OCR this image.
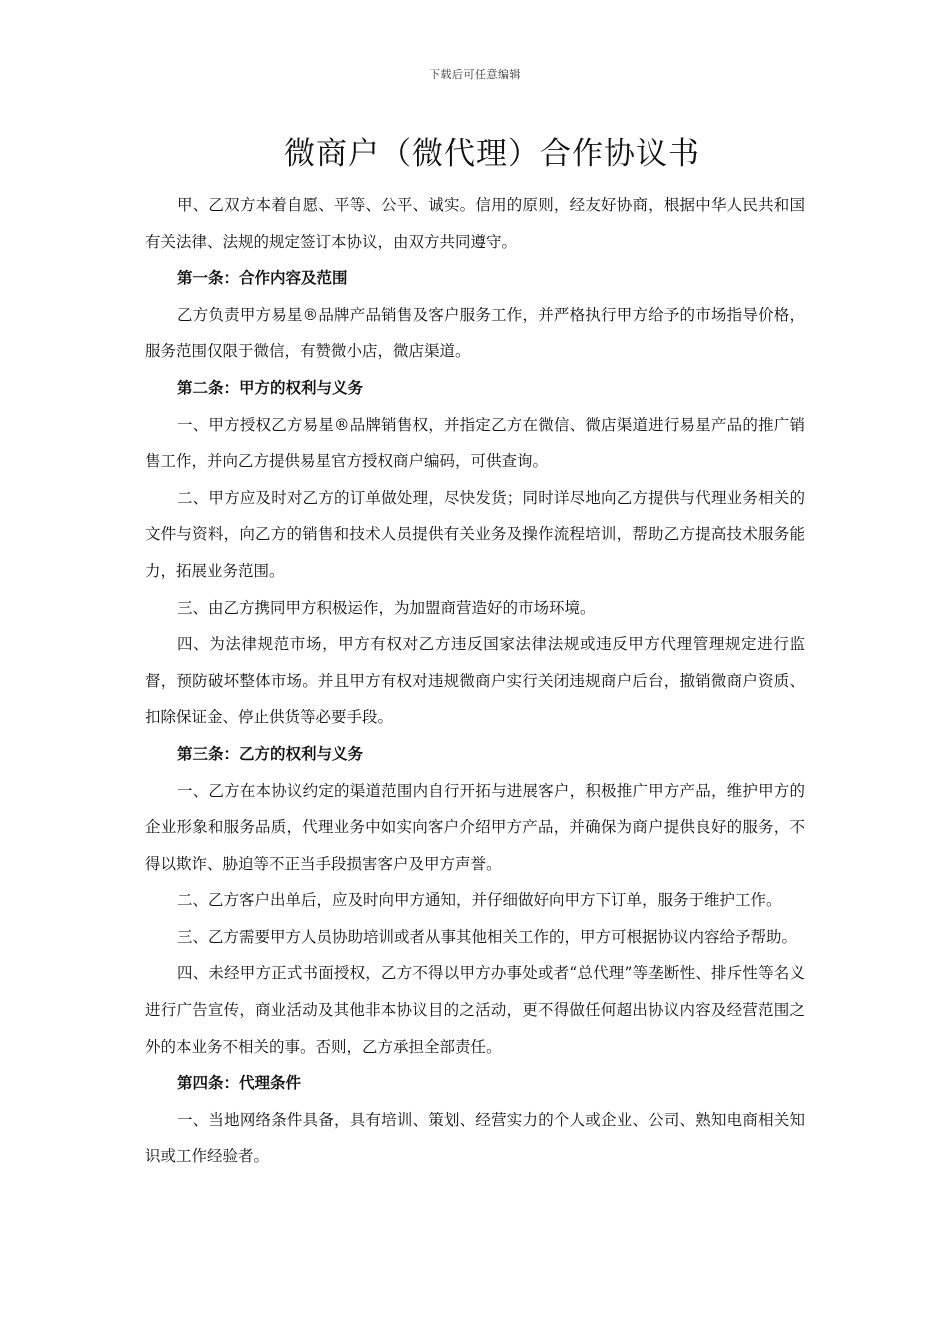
下载后可任意编辑
微商户（微代理）合作协议书

甲、乙双方本着自愿、平等、公平、诚实。信用的原则，经友好协商，根据中华人民共和国有关法律、法规的规定签订本协议，由双方共同遵守。

第一条：合作内容及范围

乙方负责甲方易星®品牌产品销售及客户服务工作，并严格执行甲方给予的市场指导价格，服务范围仅限于微信，有赞微小店，微店渠道。

第二条：甲方的权利与义务

一、甲方授权乙方易星®品牌销售权，并指定乙方在微信、微店渠道进行易星产品的推广销售工作，并向乙方提供易星官方授权商户编码，可供查询。

二、甲方应及时对乙方的订单做处理，尽快发货；同时详尽地向乙方提供与代理业务相关的文件与资料，向乙方的销售和技术人员提供有关业务及操作流程培训，帮助乙方提高技术服务能力，拓展业务范围。

三、由乙方携同甲方积极运作，为加盟商营造好的市场环境。

四、为法律规范市场，甲方有权对乙方违反国家法律法规或违反甲方代理管理规定进行监督，预防破坏整体市场。并且甲方有权对违规微商户实行关闭违规商户后台，撤销微商户资质、扣除保证金、停止供货等必要手段。

第三条：乙方的权利与义务

一、乙方在本协议约定的渠道范围内自行开拓与进展客户，积极推广甲方产品，维护甲方的企业形象和服务品质，代理业务中如实向客户介绍甲方产品，并确保为商户提供良好的服务，不得以欺诈、胁迫等不正当手段损害客户及甲方声誉。

二、乙方客户出单后，应及时向甲方通知，并仔细做好向甲方下订单，服务于维护工作。

三、乙方需要甲方人员协助培训或者从事其他相关工作的，甲方可根据协议内容给予帮助。

四、未经甲方正式书面授权，乙方不得以甲方办事处或者“总代理”等垄断性、排斥性等名义进行广告宣传，商业活动及其他非本协议目的之活动，更不得做任何超出协议内容及经营范围之外的本业务不相关的事。否则，乙方承担全部责任。

第四条：代理条件

一、当地网络条件具备，具有培训、策划、经营实力的个人或企业、公司、熟知电商相关知识或工作经验者。
